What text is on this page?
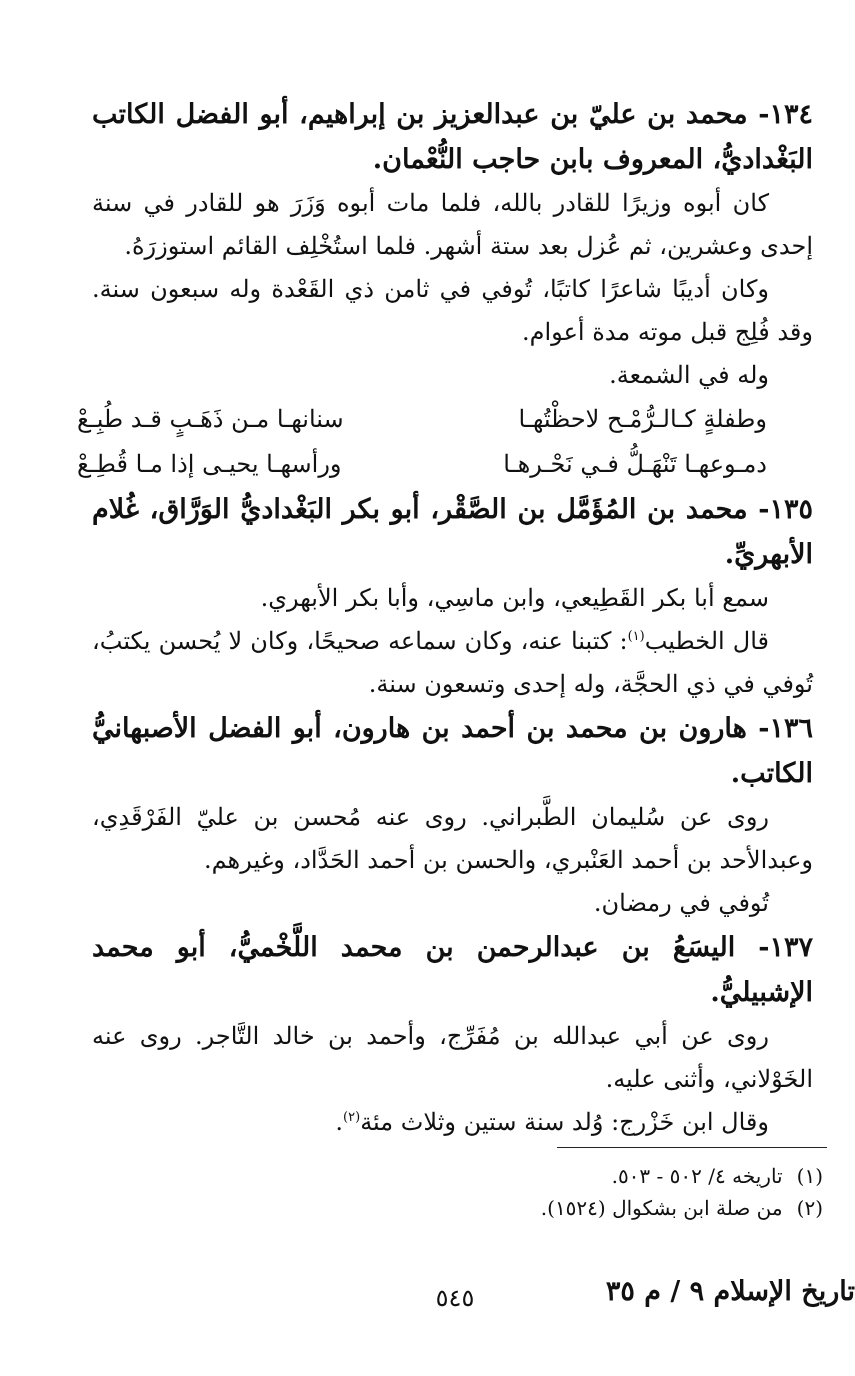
١٣٤- محمد بن عليّ بن عبدالعزيز بن إبراهيم، أبو الفضل الكاتب البَغْداديُّ، المعروف بابن حاجب النُّعْمان.

كان أبوه وزيرًا للقادر بالله، فلما مات أبوه وَزَرَ هو للقادر في سنة إحدى وعشرين، ثم عُزل بعد ستة أشهر. فلما استُخْلِف القائم استوزرَهُ.

وكان أديبًا شاعرًا كاتبًا، تُوفي في ثامن ذي القَعْدة وله سبعون سنة. وقد فُلِج قبل موته مدة أعوام.

وله في الشمعة.

وطفلةٍ كـالـرُّمْـح لاحظْتُهـا
سنانهـا مـن ذَهَـبٍ قـد طُبِـعْ
دمـوعهـا تَنْهَـلُّ فـي نَحْـرهـا
ورأسهـا يحيـى إذا مـا قُطِـعْ

١٣٥- محمد بن المُؤَمَّل بن الصَّقْر، أبو بكر البَغْداديُّ الوَرَّاق، غُلام الأبهريِّ.

سمع أبا بكر القَطِيعي، وابن ماسِي، وأبا بكر الأبهري.

قال الخطيب$^{(١)}$: كتبنا عنه، وكان سماعه صحيحًا، وكان لا يُحسن يكتبُ، تُوفي في ذي الحجَّة، وله إحدى وتسعون سنة.

١٣٦- هارون بن محمد بن أحمد بن هارون، أبو الفضل الأصبهانيُّ الكاتب.

روى عن سُليمان الطَّبراني. روى عنه مُحسن بن عليّ الفَرْقَدِي، وعبدالأحد بن أحمد العَنْبري، والحسن بن أحمد الحَدَّاد، وغيرهم.

تُوفي في رمضان.

١٣٧- اليسَعُ بن عبدالرحمن بن محمد اللَّخْميُّ، أبو محمد الإشبيليُّ.

روى عن أبي عبدالله بن مُفَرِّج، وأحمد بن خالد التَّاجر. روى عنه الخَوْلاني، وأثنى عليه.

وقال ابن خَزْرج: وُلد سنة ستين وثلاث مئة$^{(٢)}$.

(١)
تاريخه ٤/ ٥٠٢ - ٥٠٣.
(٢)
من صلة ابن بشكوال (١٥٢٤).
٥٤٥	تاريخ الإسلام ٩ / م ٣٥
